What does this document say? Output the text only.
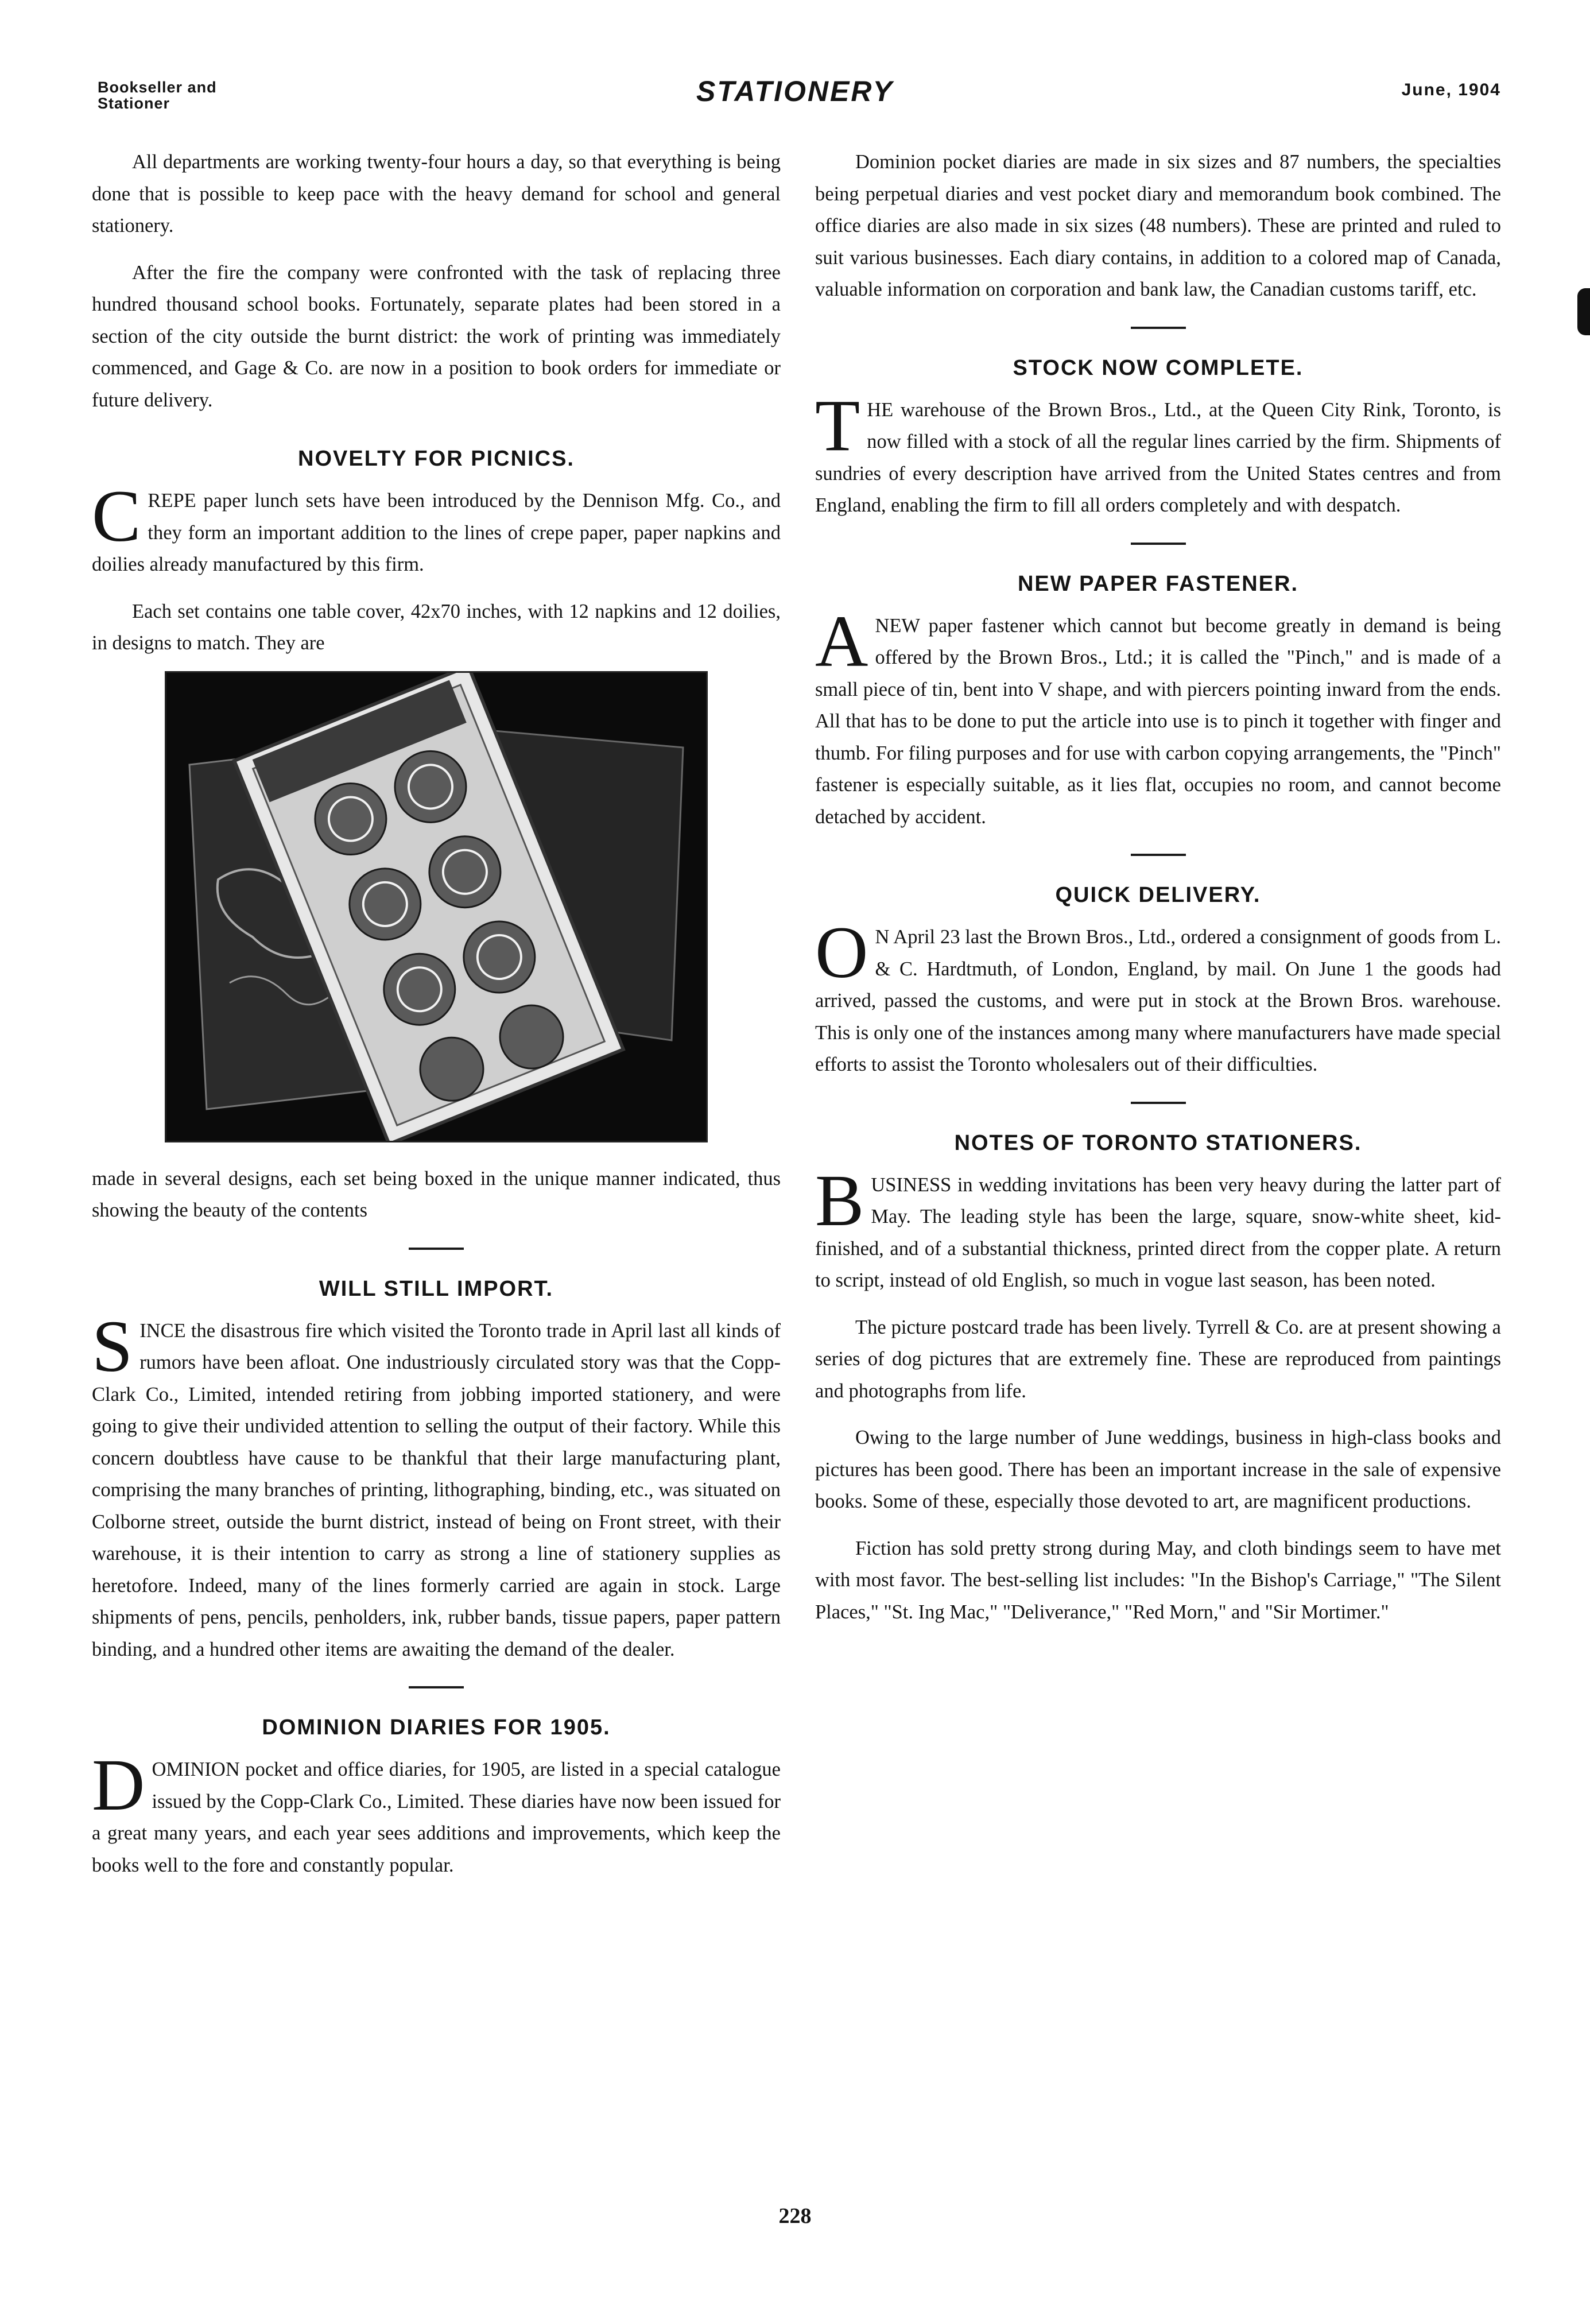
Bookseller and
Stationer	STATIONERY	June, 1904

All departments are working twenty-four hours a day, so that everything is being done that is possible to keep pace with the heavy demand for school and general stationery.

After the fire the company were confronted with the task of replacing three hundred thousand school books. Fortunately, separate plates had been stored in a section of the city outside the burnt district: the work of printing was immediately commenced, and Gage & Co. are now in a position to book orders for immediate or future delivery.

NOVELTY FOR PICNICS.

CREPE paper lunch sets have been introduced by the Dennison Mfg. Co., and they form an important addition to the lines of crepe paper, paper napkins and doilies already manufactured by this firm.

Each set contains one table cover, 42x70 inches, with 12 napkins and 12 doilies, in designs to match. They are

made in several designs, each set being boxed in the unique manner indicated, thus showing the beauty of the contents

WILL STILL IMPORT.

SINCE the disastrous fire which visited the Toronto trade in April last all kinds of rumors have been afloat. One industriously circulated story was that the Copp-Clark Co., Limited, intended retiring from jobbing imported stationery, and were going to give their undivided attention to selling the output of their factory. While this concern doubtless have cause to be thankful that their large manufacturing plant, comprising the many branches of printing, lithographing, binding, etc., was situated on Colborne street, outside the burnt district, instead of being on Front street, with their warehouse, it is their intention to carry as strong a line of stationery supplies as heretofore. Indeed, many of the lines formerly carried are again in stock. Large shipments of pens, pencils, penholders, ink, rubber bands, tissue papers, paper pattern binding, and a hundred other items are awaiting the demand of the dealer.

DOMINION DIARIES FOR 1905.

DOMINION pocket and office diaries, for 1905, are listed in a special catalogue issued by the Copp-Clark Co., Limited. These diaries have now been issued for a great many years, and each year sees additions and improvements, which keep the books well to the fore and constantly popular.

Dominion pocket diaries are made in six sizes and 87 numbers, the specialties being perpetual diaries and vest pocket diary and memorandum book combined. The office diaries are also made in six sizes (48 numbers). These are printed and ruled to suit various businesses. Each diary contains, in addition to a colored map of Canada, valuable information on corporation and bank law, the Canadian customs tariff, etc.

STOCK NOW COMPLETE.

THE warehouse of the Brown Bros., Ltd., at the Queen City Rink, Toronto, is now filled with a stock of all the regular lines carried by the firm. Shipments of sundries of every description have arrived from the United States centres and from England, enabling the firm to fill all orders completely and with despatch.

NEW PAPER FASTENER.

ANEW paper fastener which cannot but become greatly in demand is being offered by the Brown Bros., Ltd.; it is called the "Pinch," and is made of a small piece of tin, bent into V shape, and with piercers pointing inward from the ends. All that has to be done to put the article into use is to pinch it together with finger and thumb. For filing purposes and for use with carbon copying arrangements, the "Pinch" fastener is especially suitable, as it lies flat, occupies no room, and cannot become detached by accident.

QUICK DELIVERY.

O N April 23 last the Brown Bros., Ltd., ordered a consignment of goods from L. & C. Hardtmuth, of London, England, by mail. On June 1 the goods had arrived, passed the customs, and were put in stock at the Brown Bros. warehouse. This is only one of the instances among many where manufacturers have made special efforts to assist the Toronto wholesalers out of their difficulties.

NOTES OF TORONTO STATIONERS.

BUSINESS in wedding invitations has been very heavy during the latter part of May. The leading style has been the large, square, snow-white sheet, kid-finished, and of a substantial thickness, printed direct from the copper plate. A return to script, instead of old English, so much in vogue last season, has been noted.

The picture postcard trade has been lively. Tyrrell & Co. are at present showing a series of dog pictures that are extremely fine. These are reproduced from paintings and photographs from life.

Owing to the large number of June weddings, business in high-class books and pictures has been good. There has been an important increase in the sale of expensive books. Some of these, especially those devoted to art, are magnificent productions.

Fiction has sold pretty strong during May, and cloth bindings seem to have met with most favor. The best-selling list includes: "In the Bishop's Carriage," "The Silent Places," "St. Ing Mac," "Deliverance," "Red Morn," and "Sir Mortimer."

228
